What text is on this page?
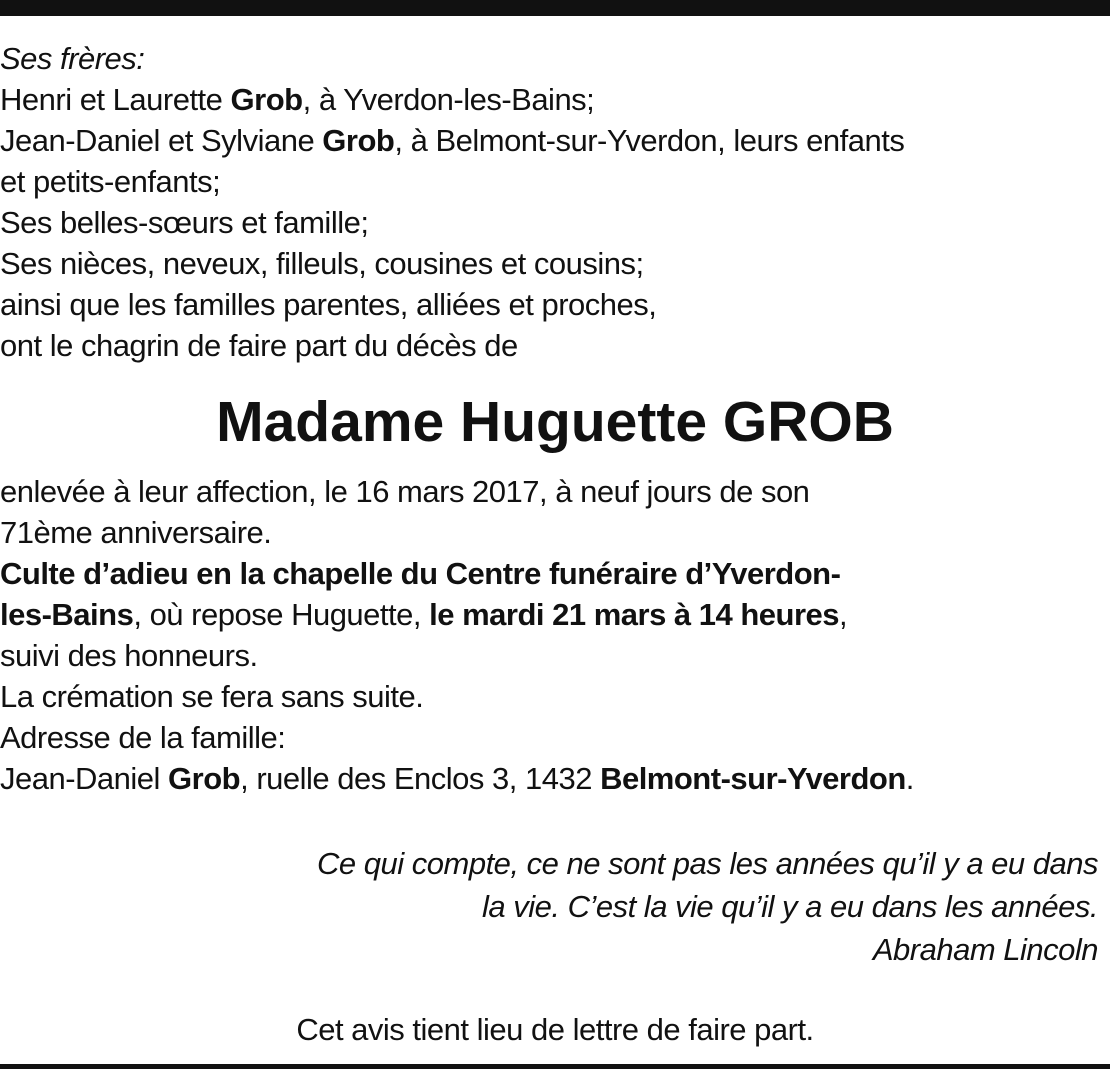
Ses frères:
Henri et Laurette Grob, à Yverdon-les-Bains;
Jean-Daniel et Sylviane Grob, à Belmont-sur-Yverdon, leurs enfants
et petits-enfants;
Ses belles-sœurs et famille;
Ses nièces, neveux, filleuls, cousines et cousins;
ainsi que les familles parentes, alliées et proches,
ont le chagrin de faire part du décès de
Madame Huguette GROB
enlevée à leur affection, le 16 mars 2017, à neuf jours de son
71ème anniversaire.
Culte d’adieu en la chapelle du Centre funéraire d’Yverdon-
les-Bains, où repose Huguette, le mardi 21 mars à 14 heures,
suivi des honneurs.
La crémation se fera sans suite.
Adresse de la famille:
Jean-Daniel Grob, ruelle des Enclos 3, 1432 Belmont-sur-Yverdon.
Ce qui compte, ce ne sont pas les années qu’il y a eu dans
la vie. C’est la vie qu’il y a eu dans les années.
Abraham Lincoln
Cet avis tient lieu de lettre de faire part.
